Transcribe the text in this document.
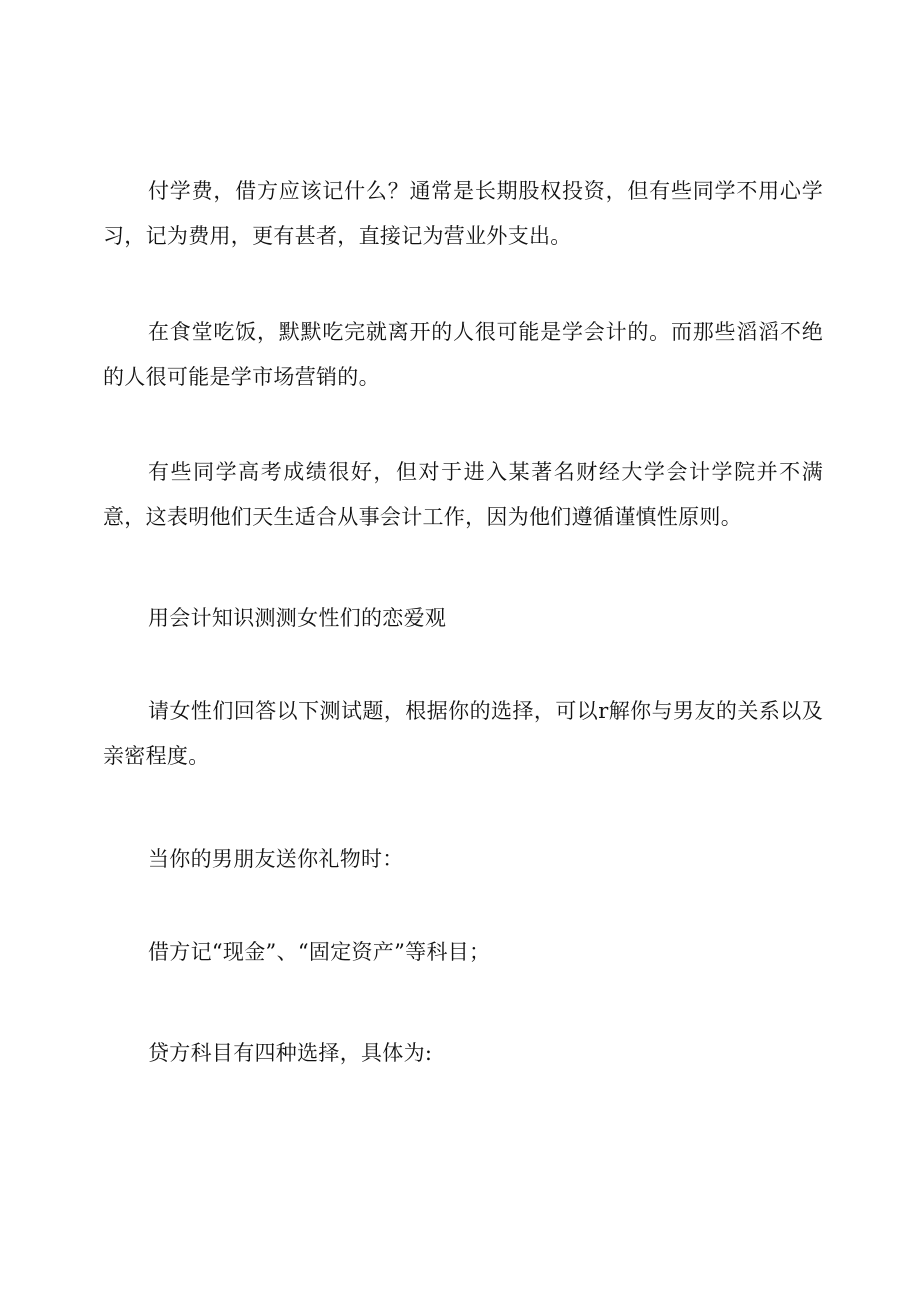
付学费，借方应该记什么？通常是长期股权投资，但有些同学不用心学习，记为费用，更有甚者，直接记为营业外支出。

在食堂吃饭，默默吃完就离开的人很可能是学会计的。而那些滔滔不绝的人很可能是学市场营销的。

有些同学高考成绩很好，但对于进入某著名财经大学会计学院并不满意，这表明他们天生适合从事会计工作，因为他们遵循谨慎性原则。

用会计知识测测女性们的恋爱观

请女性们回答以下测试题，根据你的选择，可以r解你与男友的关系以及亲密程度。

当你的男朋友送你礼物时：

借方记“现金”、“固定资产”等科目；

贷方科目有四种选择，具体为:
